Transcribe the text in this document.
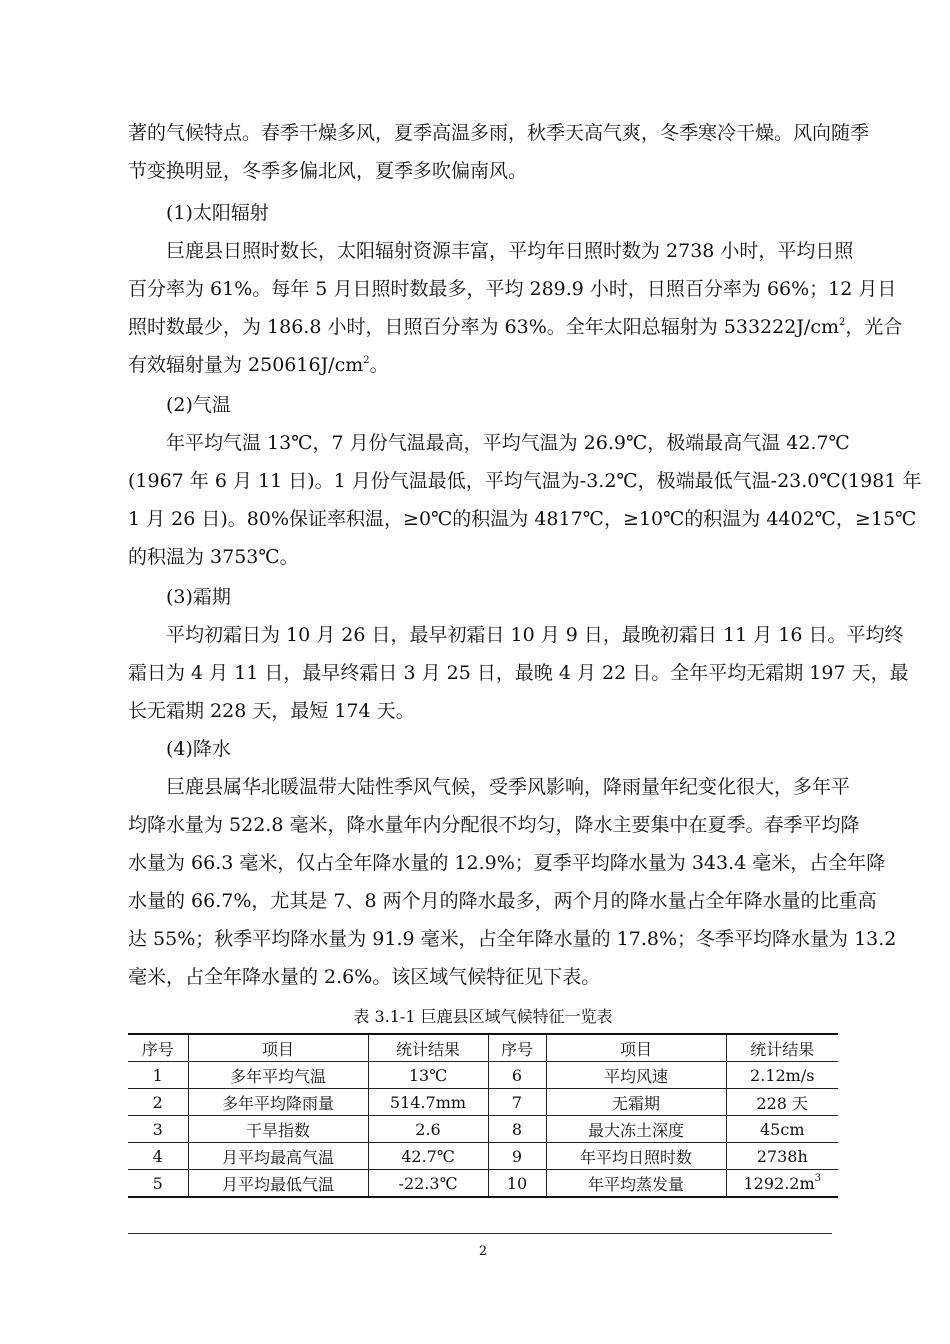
著的气候特点。春季干燥多风，夏季高温多雨，秋季天高气爽，冬季寒冷干燥。风向随季
节变换明显，冬季多偏北风，夏季多吹偏南风。
(1)太阳辐射
巨鹿县日照时数长，太阳辐射资源丰富，平均年日照时数为 2738 小时，平均日照
百分率为 61%。每年 5 月日照时数最多，平均 289.9 小时，日照百分率为 66%；12 月日
照时数最少，为 186.8 小时，日照百分率为 63%。全年太阳总辐射为 $533222J/cm^2$，光合
有效辐射量为 $250616J/cm^2$。
(2)气温
年平均气温 13℃，7 月份气温最高，平均气温为 26.9℃，极端最高气温 42.7℃
(1967 年 6 月 11 日)。1 月份气温最低，平均气温为-3.2℃，极端最低气温-23.0℃(1981 年
1 月 26 日)。80%保证率积温，≥0℃的积温为 4817℃，≥10℃的积温为 4402℃，≥15℃
的积温为 3753℃。
(3)霜期
平均初霜日为 10 月 26 日，最早初霜日 10 月 9 日，最晚初霜日 11 月 16 日。平均终
霜日为 4 月 11 日，最早终霜日 3 月 25 日，最晚 4 月 22 日。全年平均无霜期 197 天，最
长无霜期 228 天，最短 174 天。
(4)降水
巨鹿县属华北暖温带大陆性季风气候，受季风影响，降雨量年纪变化很大，多年平
均降水量为 522.8 毫米，降水量年内分配很不均匀，降水主要集中在夏季。春季平均降
水量为 66.3 毫米，仅占全年降水量的 12.9%；夏季平均降水量为 343.4 毫米，占全年降
水量的 66.7%，尤其是 7、8 两个月的降水最多，两个月的降水量占全年降水量的比重高
达 55%；秋季平均降水量为 91.9 毫米，占全年降水量的 17.8%；冬季平均降水量为 13.2
毫米，占全年降水量的 2.6%。该区域气候特征见下表。
表 3.1-1 巨鹿县区域气候特征一览表
序号	项目	统计结果	序号	项目	统计结果
1	多年平均气温	13℃	6	平均风速	2.12m/s
2	多年平均降雨量	514.7mm	7	无霜期	228 天
3	干旱指数	2.6	8	最大冻土深度	45cm
4	月平均最高气温	42.7℃	9	年平均日照时数	2738h
5	月平均最低气温	-22.3℃	10	年平均蒸发量	$1292.2m^3$
2
